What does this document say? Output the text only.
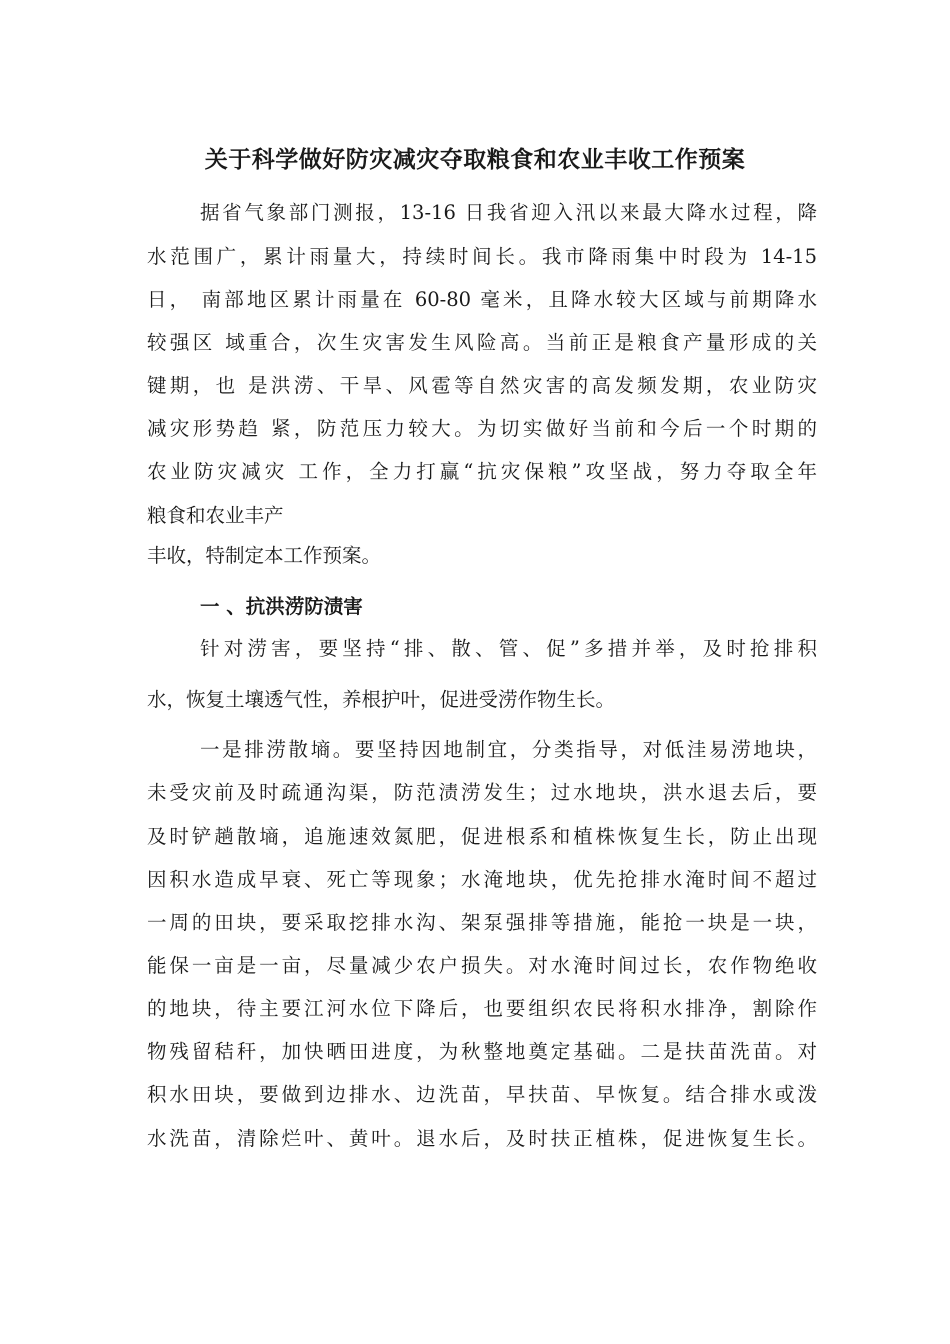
关于科学做好防灾减灾夺取粮食和农业丰收工作预案

据省气象部门测报，13-16 日我省迎入汛以来最大降水过程，降

水范围广，累计雨量大，持续时间长。我市降雨集中时段为 14-15

日， 南部地区累计雨量在 60-80 毫米，且降水较大区域与前期降水

较强区 域重合，次生灾害发生风险高。当前正是粮食产量形成的关

键期，也 是洪涝、干旱、风雹等自然灾害的高发频发期，农业防灾

减灾形势趋 紧，防范压力较大。为切实做好当前和今后一个时期的

农业防灾减灾 工作，全力打赢“抗灾保粮”攻坚战，努力夺取全年

粮食和农业丰产

丰收，特制定本工作预案。

一 、抗洪涝防渍害

针对涝害，要坚持“排、散、管、促”多措并举，及时抢排积

水，恢复土壤透气性，养根护叶，促进受涝作物生长。

一是排涝散墒。要坚持因地制宜，分类指导，对低洼易涝地块，

未受灾前及时疏通沟渠，防范渍涝发生；过水地块，洪水退去后，要

及时铲趟散墒，追施速效氮肥，促进根系和植株恢复生长，防止出现

因积水造成早衰、死亡等现象；水淹地块，优先抢排水淹时间不超过

一周的田块，要采取挖排水沟、架泵强排等措施，能抢一块是一块，

能保一亩是一亩，尽量减少农户损失。对水淹时间过长，农作物绝收

的地块，待主要江河水位下降后，也要组织农民将积水排净，割除作

物残留秸秆，加快晒田进度，为秋整地奠定基础。二是扶苗洗苗。对

积水田块，要做到边排水、边洗苗，早扶苗、早恢复。结合排水或泼

水洗苗，清除烂叶、黄叶。退水后，及时扶正植株，促进恢复生长。
